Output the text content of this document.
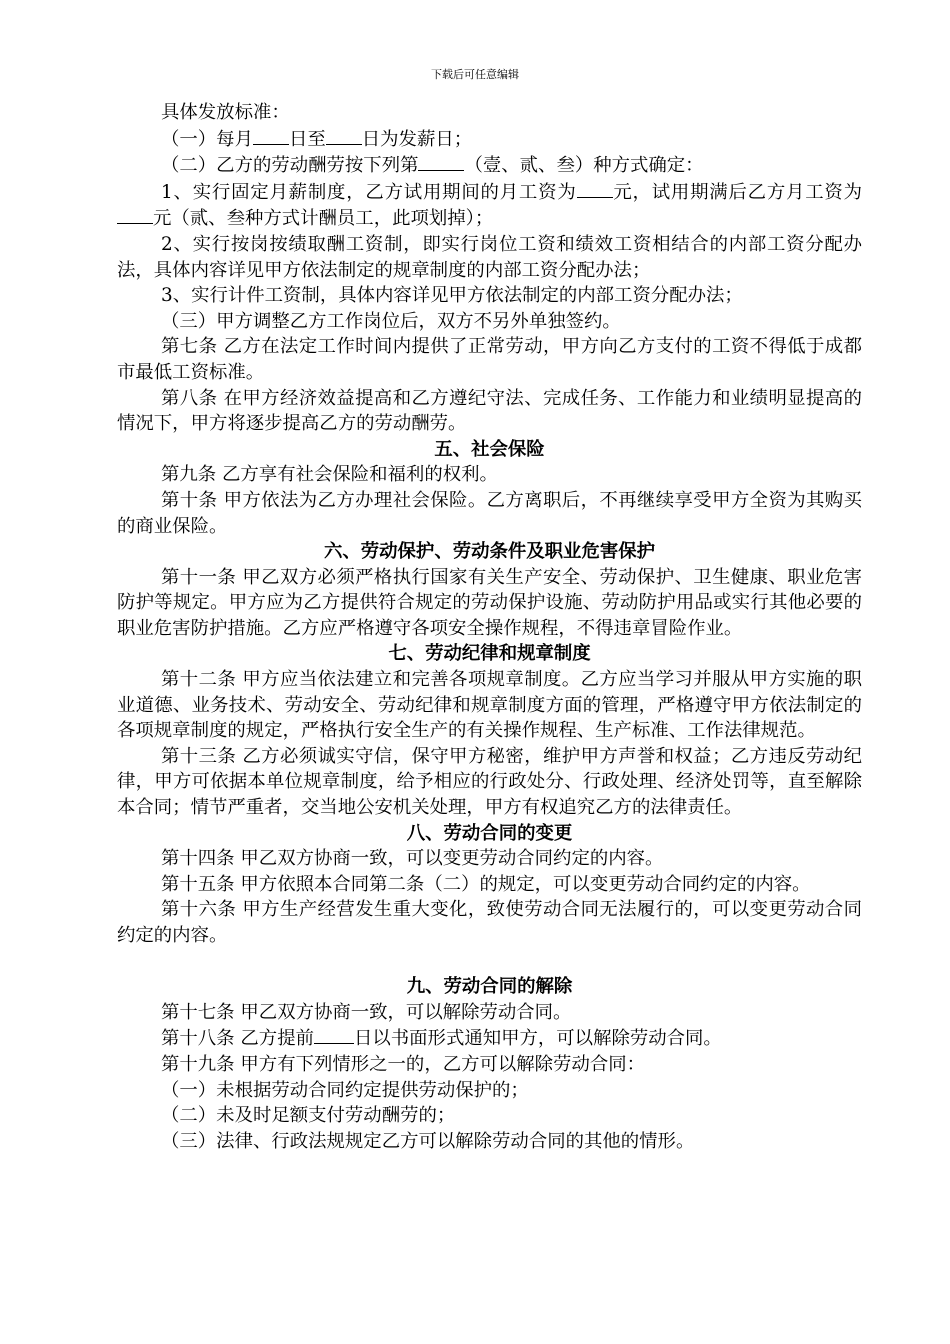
下载后可任意编辑

具体发放标准：

（一）每月 日至 日为发薪日；

（二）乙方的劳动酬劳按下列第	（壹、贰、叁）种方式确定：

1、实行固定月薪制度，乙方试用期间的月工资为 元，试用期满后乙方月工资为元（贰、叁种方式计酬员工，此项划掉）；

2、实行按岗按绩取酬工资制，即实行岗位工资和绩效工资相结合的内部工资分配办法，具体内容详见甲方依法制定的规章制度的内部工资分配办法；

3、实行计件工资制，具体内容详见甲方依法制定的内部工资分配办法；

（三）甲方调整乙方工作岗位后，双方不另外单独签约。

第七条 乙方在法定工作时间内提供了正常劳动，甲方向乙方支付的工资不得低于成都市最低工资标准。

第八条 在甲方经济效益提高和乙方遵纪守法、完成任务、工作能力和业绩明显提高的情况下，甲方将逐步提高乙方的劳动酬劳。

五、社会保险

第九条 乙方享有社会保险和福利的权利。

第十条 甲方依法为乙方办理社会保险。乙方离职后，不再继续享受甲方全资为其购买的商业保险。

六、劳动保护、劳动条件及职业危害保护

第十一条 甲乙双方必须严格执行国家有关生产安全、劳动保护、卫生健康、职业危害防护等规定。甲方应为乙方提供符合规定的劳动保护设施、劳动防护用品或实行其他必要的职业危害防护措施。乙方应严格遵守各项安全操作规程，不得违章冒险作业。

七、劳动纪律和规章制度

第十二条 甲方应当依法建立和完善各项规章制度。乙方应当学习并服从甲方实施的职业道德、业务技术、劳动安全、劳动纪律和规章制度方面的管理，严格遵守甲方依法制定的各项规章制度的规定，严格执行安全生产的有关操作规程、生产标准、工作法律规范。

第十三条 乙方必须诚实守信，保守甲方秘密，维护甲方声誉和权益；乙方违反劳动纪律，甲方可依据本单位规章制度，给予相应的行政处分、行政处理、经济处罚等，直至解除本合同；情节严重者，交当地公安机关处理，甲方有权追究乙方的法律责任。

八、劳动合同的变更

第十四条 甲乙双方协商一致，可以变更劳动合同约定的内容。

第十五条 甲方依照本合同第二条（二）的规定，可以变更劳动合同约定的内容。

第十六条 甲方生产经营发生重大变化，致使劳动合同无法履行的，可以变更劳动合同约定的内容。

九、劳动合同的解除

第十七条 甲乙双方协商一致，可以解除劳动合同。

第十八条 乙方提前 日以书面形式通知甲方，可以解除劳动合同。

第十九条 甲方有下列情形之一的，乙方可以解除劳动合同：

（一）未根据劳动合同约定提供劳动保护的；

（二）未及时足额支付劳动酬劳的；

（三）法律、行政法规规定乙方可以解除劳动合同的其他的情形。
